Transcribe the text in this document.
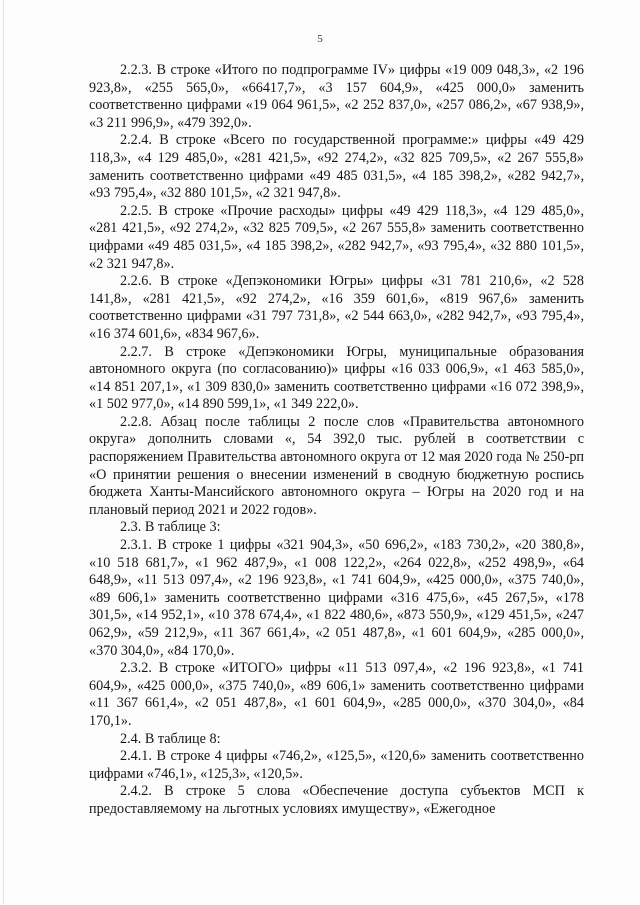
5

2.2.3. В строке «Итого по подпрограмме IV» цифры «19 009 048,3», «2 196 923,8», «255 565,0», «66417,7», «3 157 604,9», «425 000,0» заменить соответственно цифрами «19 064 961,5», «2 252 837,0», «257 086,2», «67 938,9», «3 211 996,9», «479 392,0».

2.2.4. В строке «Всего по государственной программе:» цифры «49 429 118,3», «4 129 485,0», «281 421,5», «92 274,2», «32 825 709,5», «2 267 555,8» заменить соответственно цифрами «49 485 031,5», «4 185 398,2», «282 942,7», «93 795,4», «32 880 101,5», «2 321 947,8».

2.2.5. В строке «Прочие расходы» цифры «49 429 118,3», «4 129 485,0», «281 421,5», «92 274,2», «32 825 709,5», «2 267 555,8» заменить соответственно цифрами «49 485 031,5», «4 185 398,2», «282 942,7», «93 795,4», «32 880 101,5», «2 321 947,8».

2.2.6. В строке «Депэкономики Югры» цифры «31 781 210,6», «2 528 141,8», «281 421,5», «92 274,2», «16 359 601,6», «819 967,6» заменить соответственно цифрами «31 797 731,8», «2 544 663,0», «282 942,7», «93 795,4», «16 374 601,6», «834 967,6».

2.2.7. В строке «Депэкономики Югры, муниципальные образования автономного округа (по согласованию)» цифры «16 033 006,9», «1 463 585,0», «14 851 207,1», «1 309 830,0» заменить соответственно цифрами «16 072 398,9», «1 502 977,0», «14 890 599,1», «1 349 222,0».

2.2.8. Абзац после таблицы 2 после слов «Правительства автономного округа» дополнить словами «, 54 392,0 тыс. рублей в соответствии с распоряжением Правительства автономного округа от 12 мая 2020 года № 250-рп «О принятии решения о внесении изменений в сводную бюджетную роспись бюджета Ханты-Мансийского автономного округа – Югры на 2020 год и на плановый период 2021 и 2022 годов».

2.3. В таблице 3:

2.3.1. В строке 1 цифры «321 904,3», «50 696,2», «183 730,2», «20 380,8», «10 518 681,7», «1 962 487,9», «1 008 122,2», «264 022,8», «252 498,9», «64 648,9», «11 513 097,4», «2 196 923,8», «1 741 604,9», «425 000,0», «375 740,0», «89 606,1» заменить соответственно цифрами «316 475,6», «45 267,5», «178 301,5», «14 952,1», «10 378 674,4», «1 822 480,6», «873 550,9», «129 451,5», «247 062,9», «59 212,9», «11 367 661,4», «2 051 487,8», «1 601 604,9», «285 000,0», «370 304,0», «84 170,0».

2.3.2. В строке «ИТОГО» цифры «11 513 097,4», «2 196 923,8», «1 741 604,9», «425 000,0», «375 740,0», «89 606,1» заменить соответственно цифрами «11 367 661,4», «2 051 487,8», «1 601 604,9», «285 000,0», «370 304,0», «84 170,1».

2.4. В таблице 8:

2.4.1. В строке 4 цифры «746,2», «125,5», «120,6» заменить соответственно цифрами «746,1», «125,3», «120,5».

2.4.2. В строке 5 слова «Обеспечение доступа субъектов МСП к предоставляемому на льготных условиях имуществу», «Ежегодное
